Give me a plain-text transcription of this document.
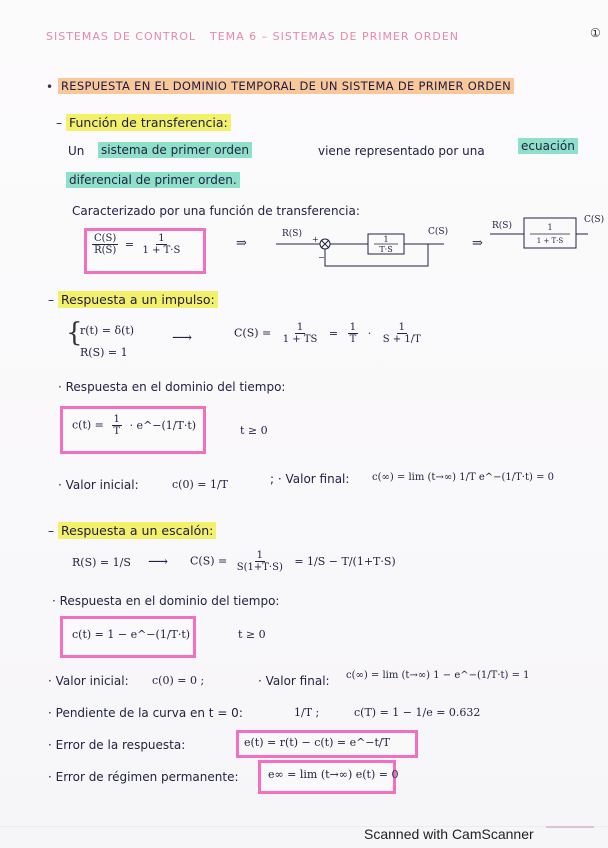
SISTEMAS DE CONTROL TEMA 6 – SISTEMAS DE PRIMER ORDEN	①
• RESPUESTA EN EL DOMINIO TEMPORAL DE UN SISTEMA DE PRIMER ORDEN
– Función de transferencia:
Un sistema de primer orden	viene representado por una	ecuación
diferencial de primer orden.
Caracterizado por una función de transferencia:
$\frac{C(S)}{R(S)} = \frac{1}{1 + T\cdot S}$	⇒
R(S)
+
−
1
T·S
C(S)
⇒
R(S)	1
1 + T·S
C(S)
– Respuesta a un impulso:
{
r(t) = δ(t)
R(S) = 1
⟶	$C(S) = \frac{1}{1 + TS} = \frac{1}{T} \cdot \frac{1}{S + 1/T}$
· Respuesta en el dominio del tiempo:
$c(t) = \frac{1}{T}$ · e^−(1/T·t)	t ≥ 0
· Valor inicial:	c(0) = 1/T	; · Valor final: c(∞) = lim (t→∞) 1/T e^−(1/T·t) = 0
– Respuesta a un escalón:
R(S) = 1/S ⟶ $C(S) = \frac{1}{S(1+T\cdot S)} = 1/S - T/(1+T\cdot S)$
· Respuesta en el dominio del tiempo:
c(t) = 1 − e^−(1/T·t)	t ≥ 0
· Valor inicial: c(0) = 0 ;	· Valor final: c(∞) = lim (t→∞) 1 − e^−(1/T·t) = 1
· Pendiente de la curva en t = 0:	1/T ;	c(T) = 1 − 1/e = 0.632
· Error de la respuesta:	e(t) = r(t) − c(t) = e^−t/T
· Error de régimen permanente:	e∞ = lim (t→∞) e(t) = 0
Scanned with CamScanner
